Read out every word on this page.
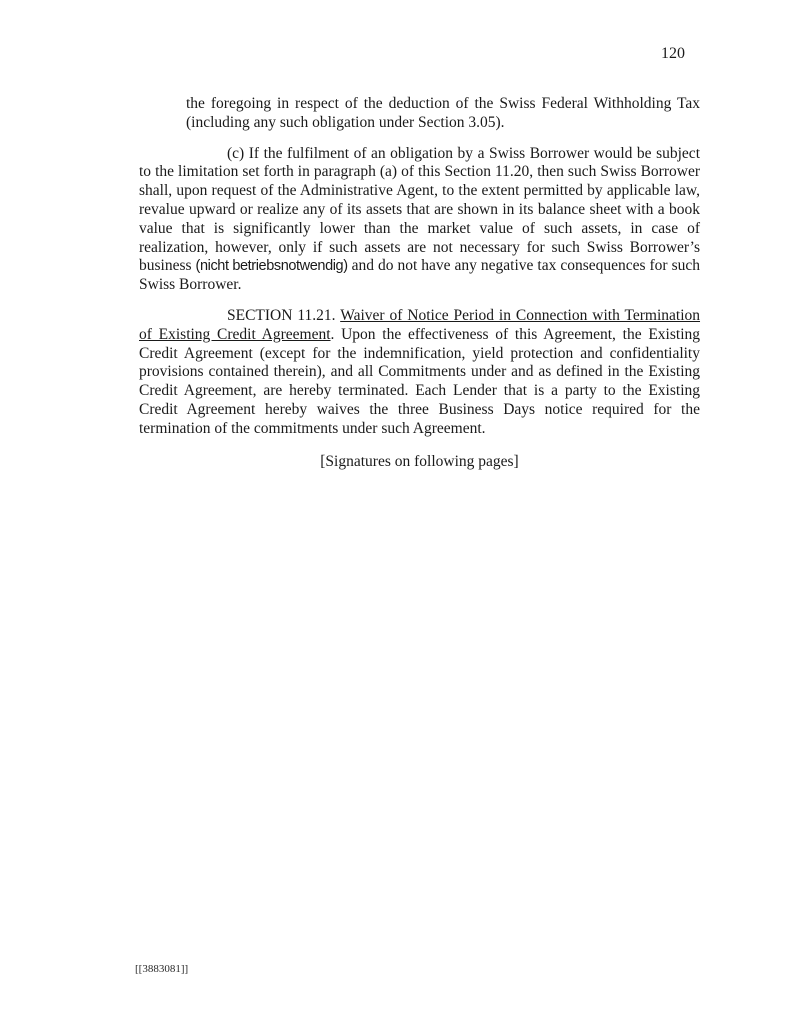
120

the foregoing in respect of the deduction of the Swiss Federal Withholding Tax (including any such obligation under Section 3.05).

(c) If the fulfilment of an obligation by a Swiss Borrower would be subject to the limitation set forth in paragraph (a) of this Section 11.20, then such Swiss Borrower shall, upon request of the Administrative Agent, to the extent permitted by applicable law, revalue upward or realize any of its assets that are shown in its balance sheet with a book value that is significantly lower than the market value of such assets, in case of realization, however, only if such assets are not necessary for such Swiss Borrower’s business (nicht betriebsnotwendig) and do not have any negative tax consequences for such Swiss Borrower.

SECTION 11.21. Waiver of Notice Period in Connection with Termination of Existing Credit Agreement. Upon the effectiveness of this Agreement, the Existing Credit Agreement (except for the indemnification, yield protection and confidentiality provisions contained therein), and all Commitments under and as defined in the Existing Credit Agreement, are hereby terminated. Each Lender that is a party to the Existing Credit Agreement hereby waives the three Business Days notice required for the termination of the commitments under such Agreement.

[Signatures on following pages]

[[3883081]]
